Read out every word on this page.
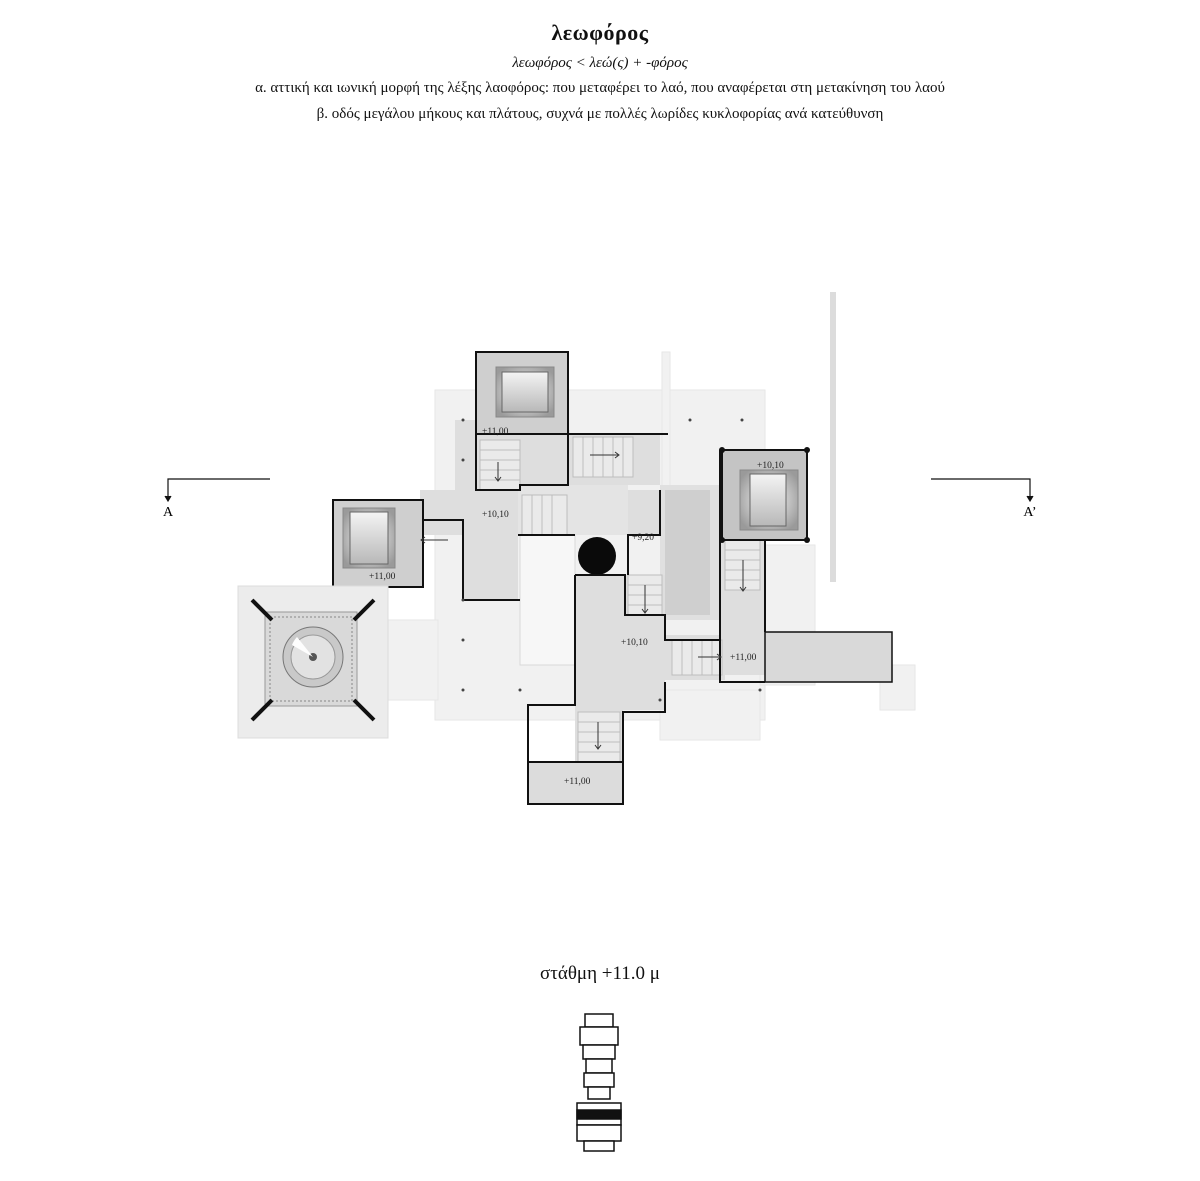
λεωφόρος
λεωφόρος < λεώ(ς) + -φόρος
α. αττική και ιωνική μορφή της λέξης λαοφόρος: που μεταφέρει το λαό, που αναφέρεται στη μετακίνηση του λαού
β. οδός μεγάλου μήκους και πλάτους, συχνά με πολλές λωρίδες κυκλοφορίας ανά κατεύθυνση
A	A’
+11,00
+10,10
+10,10
+11,00
+9,20
+10,10
+11,00
+11,00
στάθμη +11.0 μ
